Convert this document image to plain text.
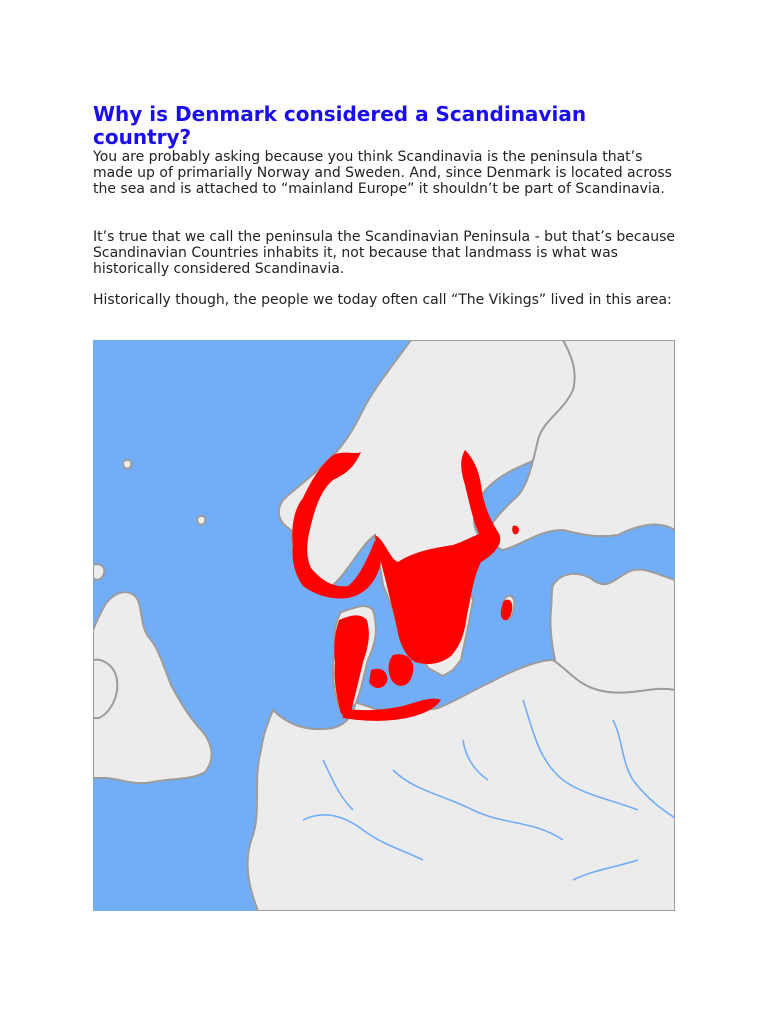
Why is Denmark considered a Scandinavian country?

You are probably asking because you think Scandinavia is the peninsula that’s made up of primarially Norway and Sweden. And, since Denmark is located across the sea and is attached to “mainland Europe” it shouldn’t be part of Scandinavia.

It’s true that we call the peninsula the Scandinavian Peninsula - but that’s because Scandinavian Countries inhabits it, not because that landmass is what was historically considered Scandinavia.

Historically though, the people we today often call “The Vikings” lived in this area:
